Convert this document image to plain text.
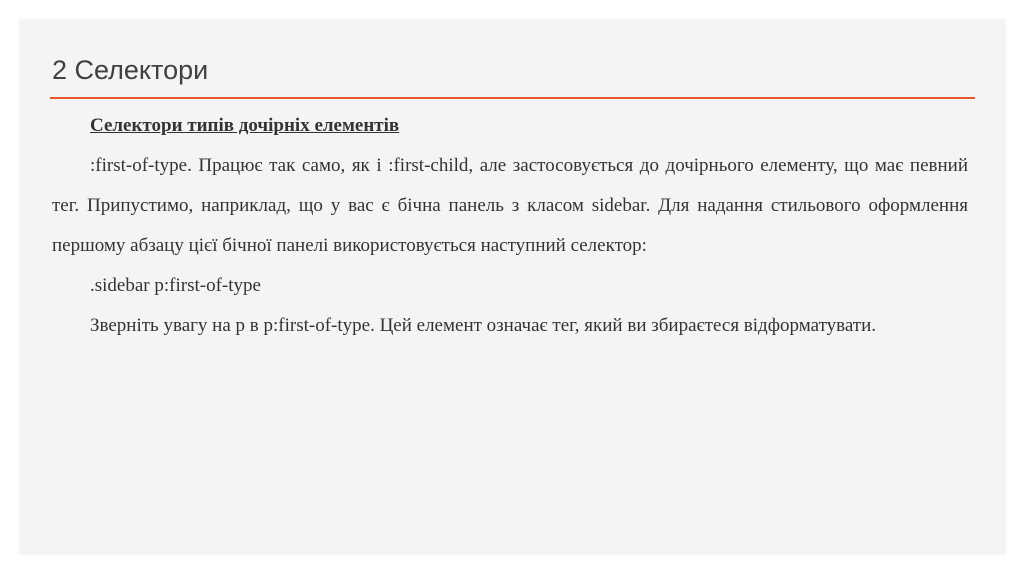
2 Селектори

Селектори типів дочірніх елементів

:first-of-type. Працює так само, як і :first-child, але застосовується до дочірнього елементу, що має певний тег. Припустимо, наприклад, що у вас є бічна панель з класом sidebar. Для надання стильового оформлення першому абзацу цієї бічної панелі використовується наступний селектор:

.sidebar p:first-of-type

Зверніть увагу на p в p:first-of-type. Цей елемент означає тег, який ви збираєтеся відформатувати.
